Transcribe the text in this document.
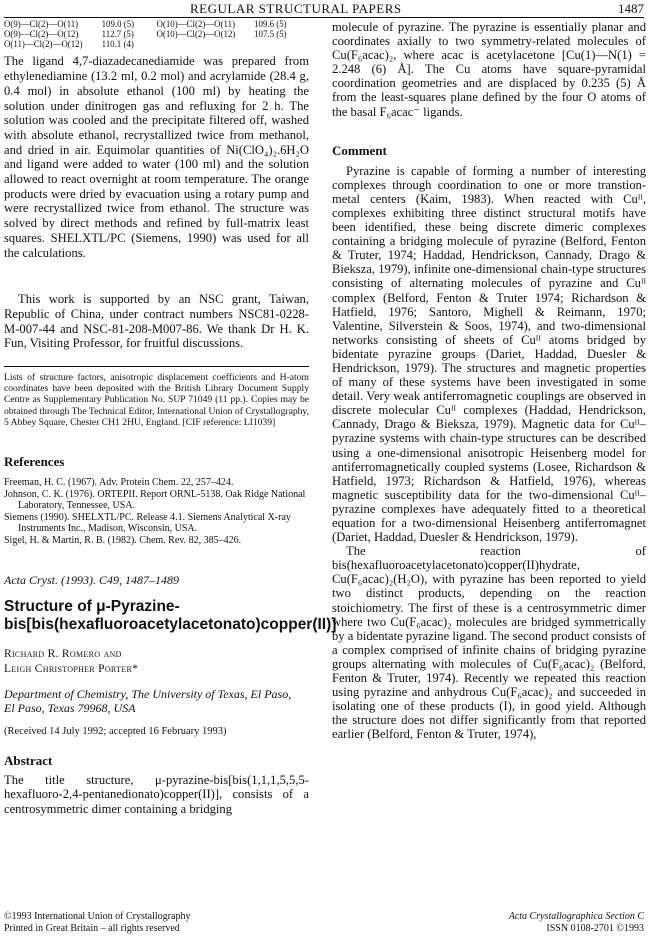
REGULAR STRUCTURAL PAPERS	1487
O(9)—Cl(2)—O(11)	109.0 (5)	O(10)—Cl(2)—O(11)	109.6 (5)
O(9)—Cl(2)—O(12)	112.7 (5)	O(10)—Cl(2)—O(12)	107.5 (5)
O(11)—Cl(2)—O(12)	110.1 (4)		

The ligand 4,7-diazadecanediamide was prepared from ethylenediamine (13.2 ml, 0.2 mol) and acrylamide (28.4 g, 0.4 mol) in absolute ethanol (100 ml) by heating the solution under dinitrogen gas and refluxing for 2 h. The solution was cooled and the precipitate filtered off, washed with absolute ethanol, recrystallized twice from methanol, and dried in air. Equimolar quantities of Ni(ClO₄)₂.6H₂O and ligand were added to water (100 ml) and the solution allowed to react overnight at room temperature. The orange products were dried by evacuation using a rotary pump and were recrystallized twice from ethanol. The structure was solved by direct methods and refined by full-matrix least squares. SHELXTL/PC (Siemens, 1990) was used for all the calculations.

This work is supported by an NSC grant, Taiwan, Republic of China, under contract numbers NSC81-0228-M-007-44 and NSC-81-208-M007-86. We thank Dr H. K. Fun, Visiting Professor, for fruitful discussions.

Lists of structure factors, anisotropic displacement coefficients and H-atom coordinates have been deposited with the British Library Document Supply Centre as Supplementary Publication No. SUP 71049 (11 pp.). Copies may be obtained through The Technical Editor, International Union of Crystallography, 5 Abbey Square, Chester CH1 2HU, England. [CIF reference: LI1039]

References

Freeman, H. C. (1967). Adv. Protein Chem. 22, 257–424.

Johnson, C. K. (1976). ORTEPII. Report ORNL-5138. Oak Ridge National Laboratory, Tennessee, USA.

Siemens (1990). SHELXTL/PC. Release 4.1. Siemens Analytical X-ray Instruments Inc., Madison, Wisconsin, USA.

Sigel, H. & Martin, R. B. (1982). Chem. Rev. 82, 385–426.

Acta Cryst. (1993). C49, 1487–1489

Structure of μ-Pyrazine-bis[bis(hexafluoroacetylacetonato)copper(II)]

Richard R. Romero and

Leigh Christopher Porter*

Department of Chemistry, The University of Texas, El Paso, El Paso, Texas 79968, USA

(Received 14 July 1992; accepted 16 February 1993)

Abstract

The title structure, μ-pyrazine-bis[bis(1,1,1,5,5,5-hexafluoro-2,4-pentanedionato)copper(II)], consists of a centrosymmetric dimer containing a bridging

molecule of pyrazine. The pyrazine is essentially planar and coordinates axially to two symmetry-related molecules of Cu(F₆acac)₂, where acac is acetylacetone [Cu(1)—N(1) = 2.248 (6) Å]. The Cu atoms have square-pyramidal coordination geometries and are displaced by 0.235 (5) Å from the least-squares plane defined by the four O atoms of the basal F₆acac⁻ ligands.

Comment

Pyrazine is capable of forming a number of interesting complexes through coordination to one or more transtion-metal centers (Kaim, 1983). When reacted with Cuᴵᴵ, complexes exhibiting three distinct structural motifs have been identified, these being discrete dimeric complexes containing a bridging molecule of pyrazine (Belford, Fenton & Truter, 1974; Haddad, Hendrickson, Cannady, Drago & Bieksza, 1979), infinite one-dimensional chain-type structures consisting of alternating molecules of pyrazine and Cuᴵᴵ complex (Belford, Fenton & Truter 1974; Richardson & Hatfield, 1976; Santoro, Mighell & Reimann, 1970; Valentine, Silverstein & Soos, 1974), and two-dimensional networks consisting of sheets of Cuᴵᴵ atoms bridged by bidentate pyrazine groups (Dariet, Haddad, Duesler & Hendrickson, 1979). The structures and magnetic properties of many of these systems have been investigated in some detail. Very weak antiferromagnetic couplings are observed in discrete molecular Cuᴵᴵ complexes (Haddad, Hendrickson, Cannady, Drago & Bieksza, 1979). Magnetic data for Cuᴵᴵ–pyrazine systems with chain-type structures can be described using a one-dimensional anisotropic Heisenberg model for antiferromagnetically coupled systems (Losee, Richardson & Hatfield, 1973; Richardson & Hatfield, 1976), whereas magnetic susceptibility data for the two-dimensional Cuᴵᴵ–pyrazine complexes have adequately fitted to a theoretical equation for a two-dimensional Heisenberg antiferromagnet (Dariet, Haddad, Duesler & Hendrickson, 1979).

The reaction of bis(hexafluoroacetylacetonato)copper(II)hydrate, Cu(F₆acac)₂(H₂O), with pyrazine has been reported to yield two distinct products, depending on the reaction stoichiometry. The first of these is a centrosymmetric dimer where two Cu(F₆acac)₂ molecules are bridged symmetrically by a bidentate pyrazine ligand. The second product consists of a complex comprised of infinite chains of bridging pyrazine groups alternating with molecules of Cu(F₆acac)₂ (Belford, Fenton & Truter, 1974). Recently we repeated this reaction using pyrazine and anhydrous Cu(F₆acac)₂ and succeeded in isolating one of these products (I), in good yield. Although the structure does not differ significantly from that reported earlier (Belford, Fenton & Truter, 1974),

©1993 International Union of Crystallography

Printed in Great Britain – all rights reserved

Acta Crystallographica Section C

ISSN 0108-2701 ©1993
